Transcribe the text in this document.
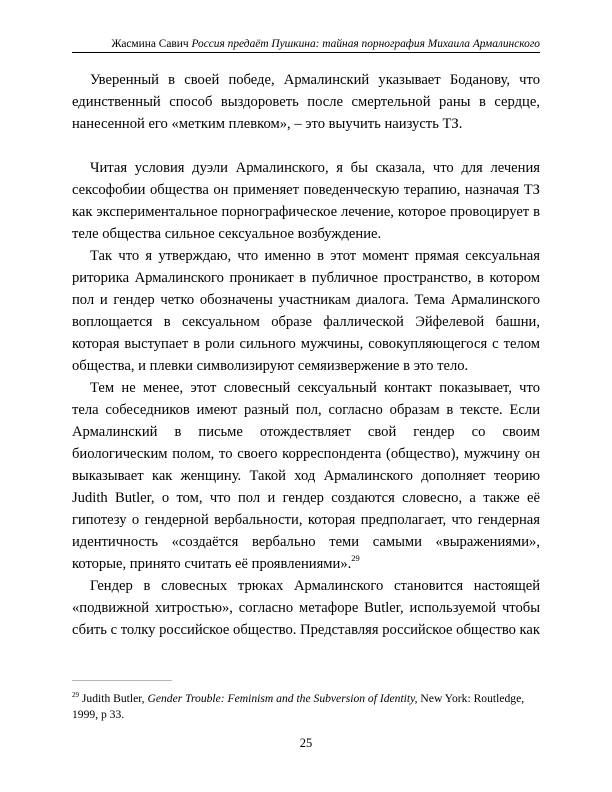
Жасмина Савич Россия предаёт Пушкина: тайная порнография Михаила Армалинского

Уверенный в своей победе, Армалинский указывает Боданову, что единственный способ выздороветь после смертельной раны в сердце, нанесенной его «метким плевком», – это выучить наизусть ТЗ.

Читая условия дуэли Армалинского, я бы сказала, что для лечения сексофобии общества он применяет поведенческую терапию, назначая ТЗ как экспериментальное порнографическое лечение, которое провоцирует в теле общества сильное сексуальное возбуждение.

Так что я утверждаю, что именно в этот момент прямая сексуальная риторика Армалинского проникает в публичное пространство, в котором пол и гендер четко обозначены участникам диалога. Тема Армалинского воплощается в сексуальном образе фаллической Эйфелевой башни, которая выступает в роли сильного мужчины, совокупляющегося с телом общества, и плевки символизируют семяизвержение в это тело.

Тем не менее, этот словесный сексуальный контакт показывает, что тела собеседников имеют разный пол, согласно образам в тексте. Если Армалинский в письме отождествляет свой гендер со своим биологическим полом, то своего корреспондента (общество), мужчину он выказывает как женщину. Такой ход Армалинского дополняет теорию Judith Butler, о том, что пол и гендер создаются словесно, а также её гипотезу о гендерной вербальности, которая предполагает, что гендерная идентичность «создаётся вербально теми самыми «выражениями», которые, принято считать её проявлениями».$^{29}$

Гендер в словесных трюках Армалинского становится настоящей «подвижной хитростью», согласно метафоре Butler, используемой чтобы сбить с толку российское общество. Представляя российское общество как

$^{29}$ Judith Butler, Gender Trouble: Feminism and the Subversion of Identity, New York: Routledge, 1999, p 33.

25
